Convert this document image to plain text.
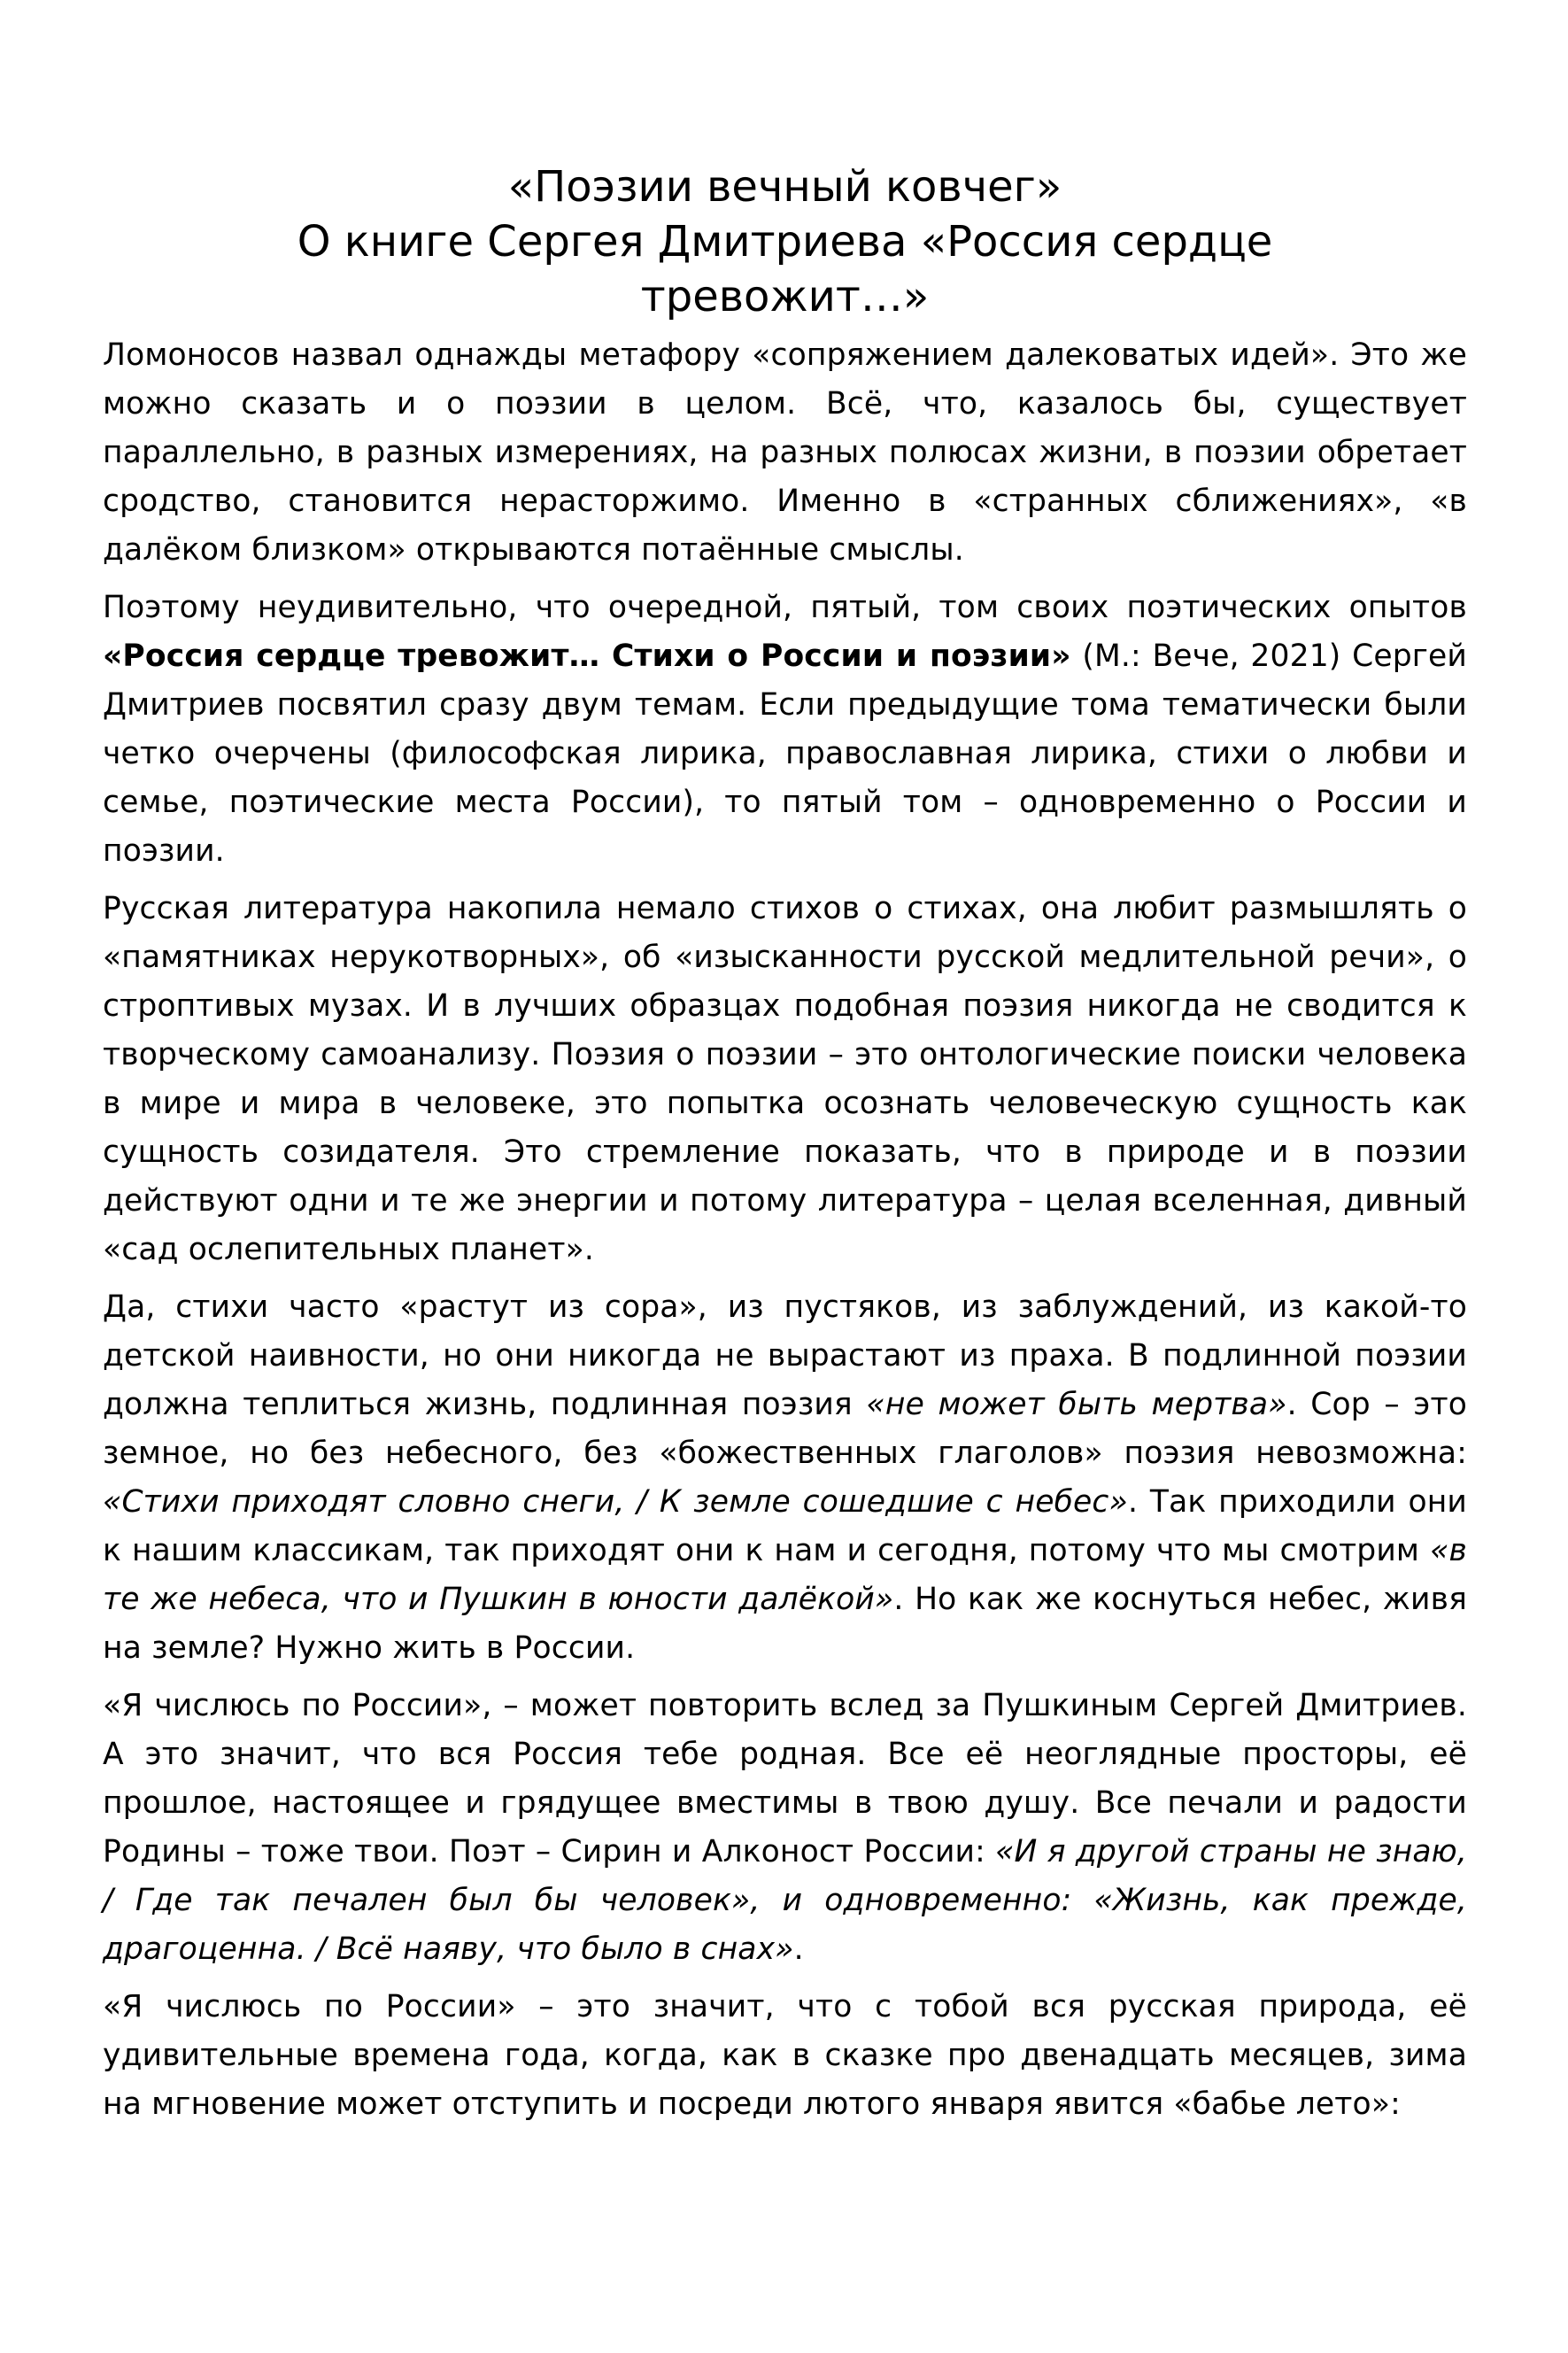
«Поэзии вечный ковчег»
О книге Сергея Дмитриева «Россия сердце
тревожит…»

Ломоносов назвал однажды метафору «сопряжением далековатых идей». Это же можно сказать и о поэзии в целом. Всё, что, казалось бы, существует параллельно, в разных измерениях, на разных полюсах жизни, в поэзии обретает сродство, становится нерасторжимо. Именно в «странных сближениях», «в далёком близком» открываются потаённые смыслы.

Поэтому неудивительно, что очередной, пятый, том своих поэтических опытов «Россия сердце тревожит… Стихи о России и поэзии» (М.: Вече, 2021) Сергей Дмитриев посвятил сразу двум темам. Если предыдущие тома тематически были четко очерчены (философская лирика, православная лирика, стихи о любви и семье, поэтические места России), то пятый том – одновременно о России и поэзии.

Русская литература накопила немало стихов о стихах, она любит размышлять о «памятниках нерукотворных», об «изысканности русской медлительной речи», о строптивых музах. И в лучших образцах подобная поэзия никогда не сводится к творческому самоанализу. Поэзия о поэзии – это онтологические поиски человека в мире и мира в человеке, это попытка осознать человеческую сущность как сущность созидателя. Это стремление показать, что в природе и в поэзии действуют одни и те же энергии и потому литература – целая вселенная, дивный «сад ослепительных планет».

Да, стихи часто «растут из сора», из пустяков, из заблуждений, из какой-то детской наивности, но они никогда не вырастают из праха. В подлинной поэзии должна теплиться жизнь, подлинная поэзия «не может быть мертва». Сор – это земное, но без небесного, без «божественных глаголов» поэзия невозможна: «Стихи приходят словно снеги, / К земле сошедшие с небес». Так приходили они к нашим классикам, так приходят они к нам и сегодня, потому что мы смотрим «в те же небеса, что и Пушкин в юности далёкой». Но как же коснуться небес, живя на земле? Нужно жить в России.

«Я числюсь по России», – может повторить вслед за Пушкиным Сергей Дмитриев. А это значит, что вся Россия тебе родная. Все её неоглядные просторы, её прошлое, настоящее и грядущее вместимы в твою душу. Все печали и радости Родины – тоже твои. Поэт – Сирин и Алконост России: «И я другой страны не знаю, / Где так печален был бы человек», и одновременно: «Жизнь, как прежде, драгоценна. / Всё наяву, что было в снах».

«Я числюсь по России» – это значит, что с тобой вся русская природа, её удивительные времена года, когда, как в сказке про двенадцать месяцев, зима на мгновение может отступить и посреди лютого января явится «бабье лето»:
